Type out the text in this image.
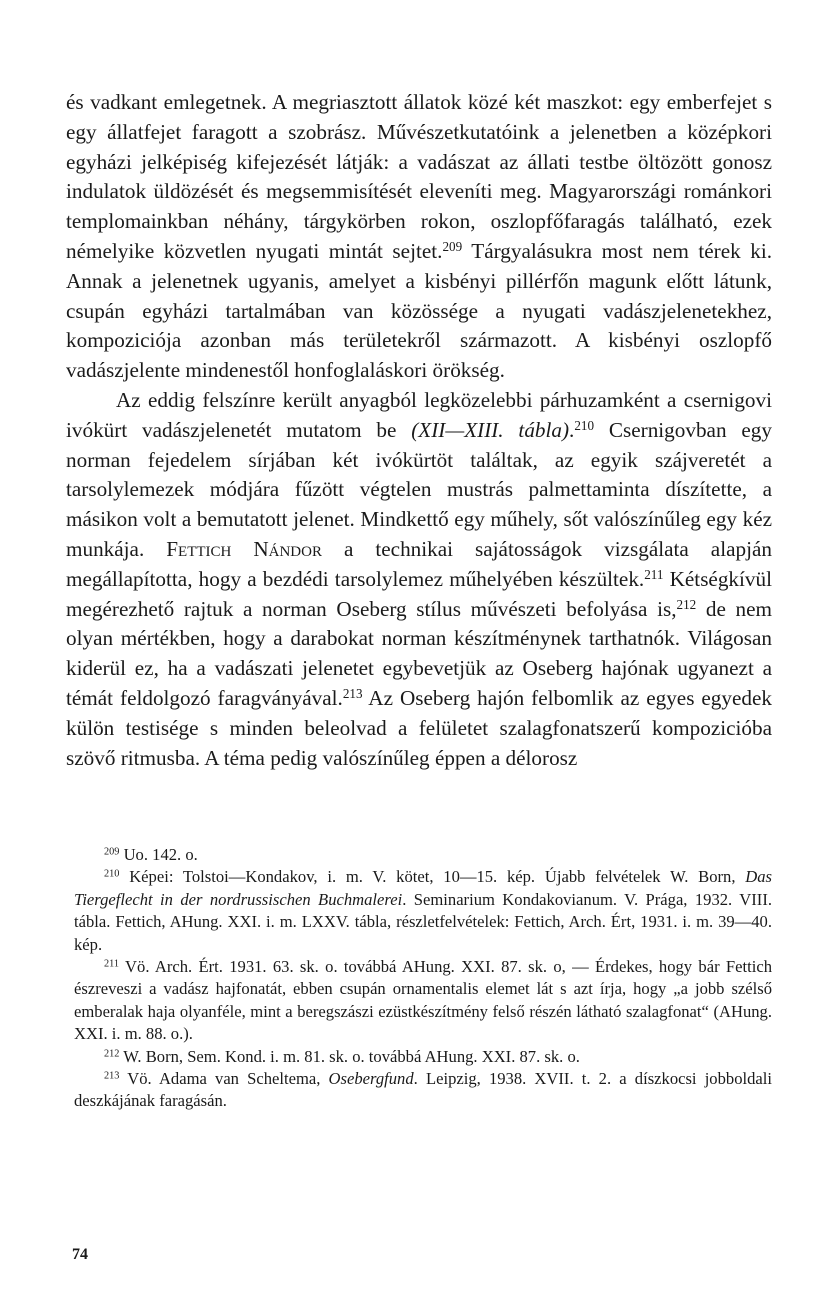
és vadkant emlegetnek. A megriasztott állatok közé két maszkot: egy emberfejet s egy állatfejet faragott a szobrász. Művészetkutatóink a jelenetben a középkori egyházi jelképiség kifejezését látják: a vadászat az állati testbe öltözött gonosz indulatok üldözését és megsemmisítését eleveníti meg. Magyarországi románkori templomainkban néhány, tárgykörben rokon, oszlopfőfaragás található, ezek némelyike közvetlen nyugati mintát sejtet.$^{209}$ Tárgyalásukra most nem térek ki. Annak a jelenetnek ugyanis, amelyet a kisbényi pillérfőn magunk előtt látunk, csupán egyházi tartalmában van közössége a nyugati vadászjelenetekhez, kompoziciója azonban más területekről származott. A kisbényi oszlopfő vadászjelente mindenestől honfoglaláskori örökség.

Az eddig felszínre került anyagból legközelebbi párhuzamként a csernigovi ivókürt vadászjelenetét mutatom be (XII—XIII. tábla).$^{210}$ Csernigovban egy norman fejedelem sírjában két ivókürtöt találtak, az egyik szájveretét a tarsolylemezek módjára fűzött végtelen mustrás palmettaminta díszítette, a másikon volt a bemutatott jelenet. Mindkettő egy műhely, sőt valószínűleg egy kéz munkája. Fettich Nándor a technikai sajátosságok vizsgálata alapján megállapította, hogy a bezdédi tarsolylemez műhelyében készültek.$^{211}$ Kétségkívül megérezhető rajtuk a norman Oseberg stílus művészeti befolyása is,$^{212}$ de nem olyan mértékben, hogy a darabokat norman készítménynek tarthatnók. Világosan kiderül ez, ha a vadászati jelenetet egybevetjük az Oseberg hajónak ugyanezt a témát feldolgozó faragványával.$^{213}$ Az Oseberg hajón felbomlik az egyes egyedek külön testisége s minden beleolvad a felületet szalagfonatszerű kompozicióba szövő ritmusba. A téma pedig valószínűleg éppen a délorosz

$^{209}$ Uo. 142. o.

$^{210}$ Képei: Tolstoi—Kondakov, i. m. V. kötet, 10—15. kép. Újabb felvételek W. Born, Das Tiergeflecht in der nordrussischen Buchmalerei. Seminarium Kondakovianum. V. Prága, 1932. VIII. tábla. Fettich, AHung. XXI. i. m. LXXV. tábla, részletfelvételek: Fettich, Arch. Ért, 1931. i. m. 39—40. kép.

$^{211}$ Vö. Arch. Ért. 1931. 63. sk. o. továbbá AHung. XXI. 87. sk. o, — Érdekes, hogy bár Fettich észreveszi a vadász hajfonatát, ebben csupán ornamentalis elemet lát s azt írja, hogy „a jobb szélső emberalak haja olyanféle, mint a beregszászi ezüstkészítmény felső részén látható szalagfonat“ (AHung. XXI. i. m. 88. o.).

$^{212}$ W. Born, Sem. Kond. i. m. 81. sk. o. továbbá AHung. XXI. 87. sk. o.

$^{213}$ Vö. Adama van Scheltema, Osebergfund. Leipzig, 1938. XVII. t. 2. a díszkocsi jobboldali deszkájának faragásán.

74
